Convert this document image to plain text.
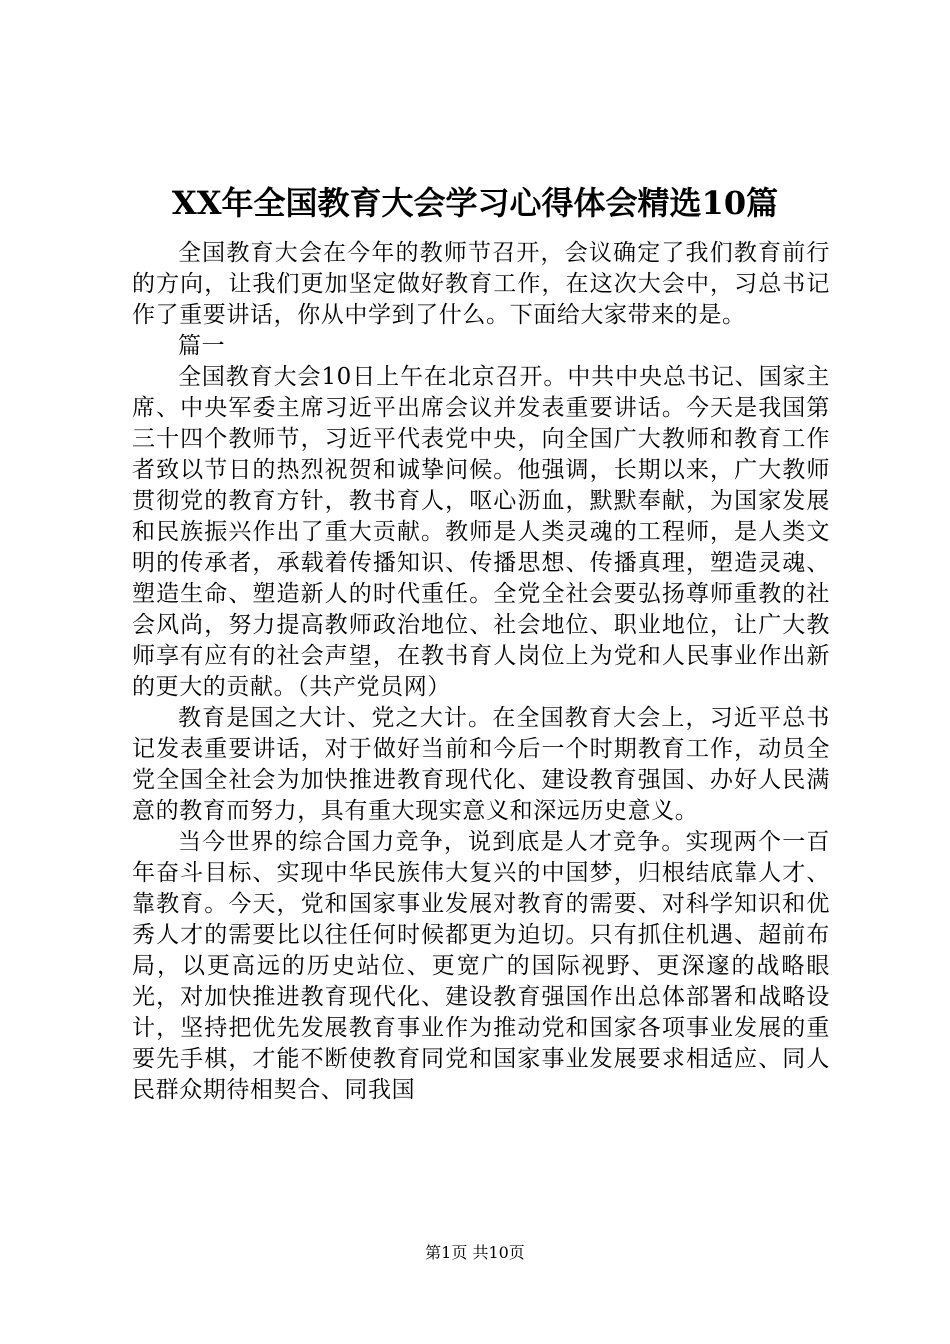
XX年全国教育大会学习心得体会精选10篇

全国教育大会在今年的教师节召开，会议确定了我们教育前行的方向，让我们更加坚定做好教育工作，在这次大会中，习总书记作了重要讲话，你从中学到了什么。下面给大家带来的是。

篇一

全国教育大会10日上午在北京召开。中共中央总书记、国家主席、中央军委主席习近平出席会议并发表重要讲话。今天是我国第三十四个教师节，习近平代表党中央，向全国广大教师和教育工作者致以节日的热烈祝贺和诚挚问候。他强调，长期以来，广大教师贯彻党的教育方针，教书育人，呕心沥血，默默奉献，为国家发展和民族振兴作出了重大贡献。教师是人类灵魂的工程师，是人类文明的传承者，承载着传播知识、传播思想、传播真理，塑造灵魂、塑造生命、塑造新人的时代重任。全党全社会要弘扬尊师重教的社会风尚，努力提高教师政治地位、社会地位、职业地位，让广大教师享有应有的社会声望，在教书育人岗位上为党和人民事业作出新的更大的贡献。（共产党员网）

教育是国之大计、党之大计。在全国教育大会上，习近平总书记发表重要讲话，对于做好当前和今后一个时期教育工作，动员全党全国全社会为加快推进教育现代化、建设教育强国、办好人民满意的教育而努力，具有重大现实意义和深远历史意义。

当今世界的综合国力竞争，说到底是人才竞争。实现两个一百年奋斗目标、实现中华民族伟大复兴的中国梦，归根结底靠人才、靠教育。今天，党和国家事业发展对教育的需要、对科学知识和优秀人才的需要比以往任何时候都更为迫切。只有抓住机遇、超前布局，以更高远的历史站位、更宽广的国际视野、更深邃的战略眼光，对加快推进教育现代化、建设教育强国作出总体部署和战略设计，坚持把优先发展教育事业作为推动党和国家各项事业发展的重要先手棋，才能不断使教育同党和国家事业发展要求相适应、同人民群众期待相契合、同我国

第1页 共10页
